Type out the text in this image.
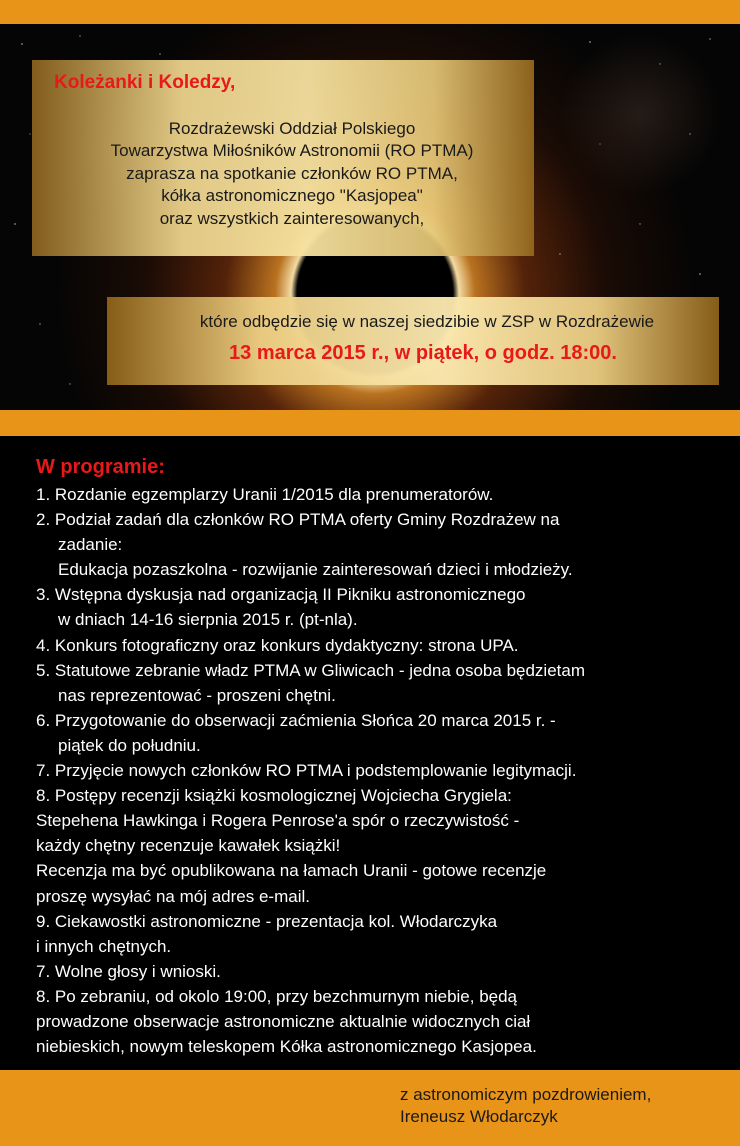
Koleżanki i Koledzy,
Rozdrażewski Oddział Polskiego
Towarzystwa Miłośników Astronomii (RO PTMA)
zaprasza na spotkanie członków RO PTMA,
kółka astronomicznego "Kasjopea"
oraz wszystkich zainteresowanych,
które odbędzie się w naszej siedzibie w ZSP w Rozdrażewie
13 marca 2015 r., w piątek, o godz. 18:00.
W programie:
1. Rozdanie egzemplarzy Uranii 1/2015 dla prenumeratorów.
2. Podział zadań dla członków RO PTMA oferty Gminy Rozdrażew na
zadanie:
Edukacja pozaszkolna - rozwijanie zainteresowań dzieci i młodzieży.
3. Wstępna dyskusja nad organizacją II Pikniku astronomicznego
w dniach 14-16 sierpnia 2015 r. (pt-nla).
4. Konkurs fotograficzny oraz konkurs dydaktyczny: strona UPA.
5. Statutowe zebranie władz PTMA w Gliwicach - jedna osoba będzietam
nas reprezentować - proszeni chętni.
6. Przygotowanie do obserwacji zaćmienia Słońca 20 marca 2015 r. -
piątek do południu.
7. Przyjęcie nowych członków RO PTMA i podstemplowanie legitymacji.
8. Postępy recenzji książki kosmologicznej Wojciecha Grygiela:
Stepehena Hawkinga i Rogera Penrose'a spór o rzeczywistość -
każdy chętny recenzuje kawałek książki!
Recenzja ma być opublikowana na łamach Uranii - gotowe recenzje
proszę wysyłać na mój adres e-mail.
9. Ciekawostki astronomiczne - prezentacja kol. Włodarczyka
i innych chętnych.
7. Wolne głosy i wnioski.
8. Po zebraniu, od okolo 19:00, przy bezchmurnym niebie, będą
prowadzone obserwacje astronomiczne aktualnie widocznych ciał
niebieskich, nowym teleskopem Kółka astronomicznego Kasjopea.
z astronomiczym pozdrowieniem,
Ireneusz Włodarczyk
